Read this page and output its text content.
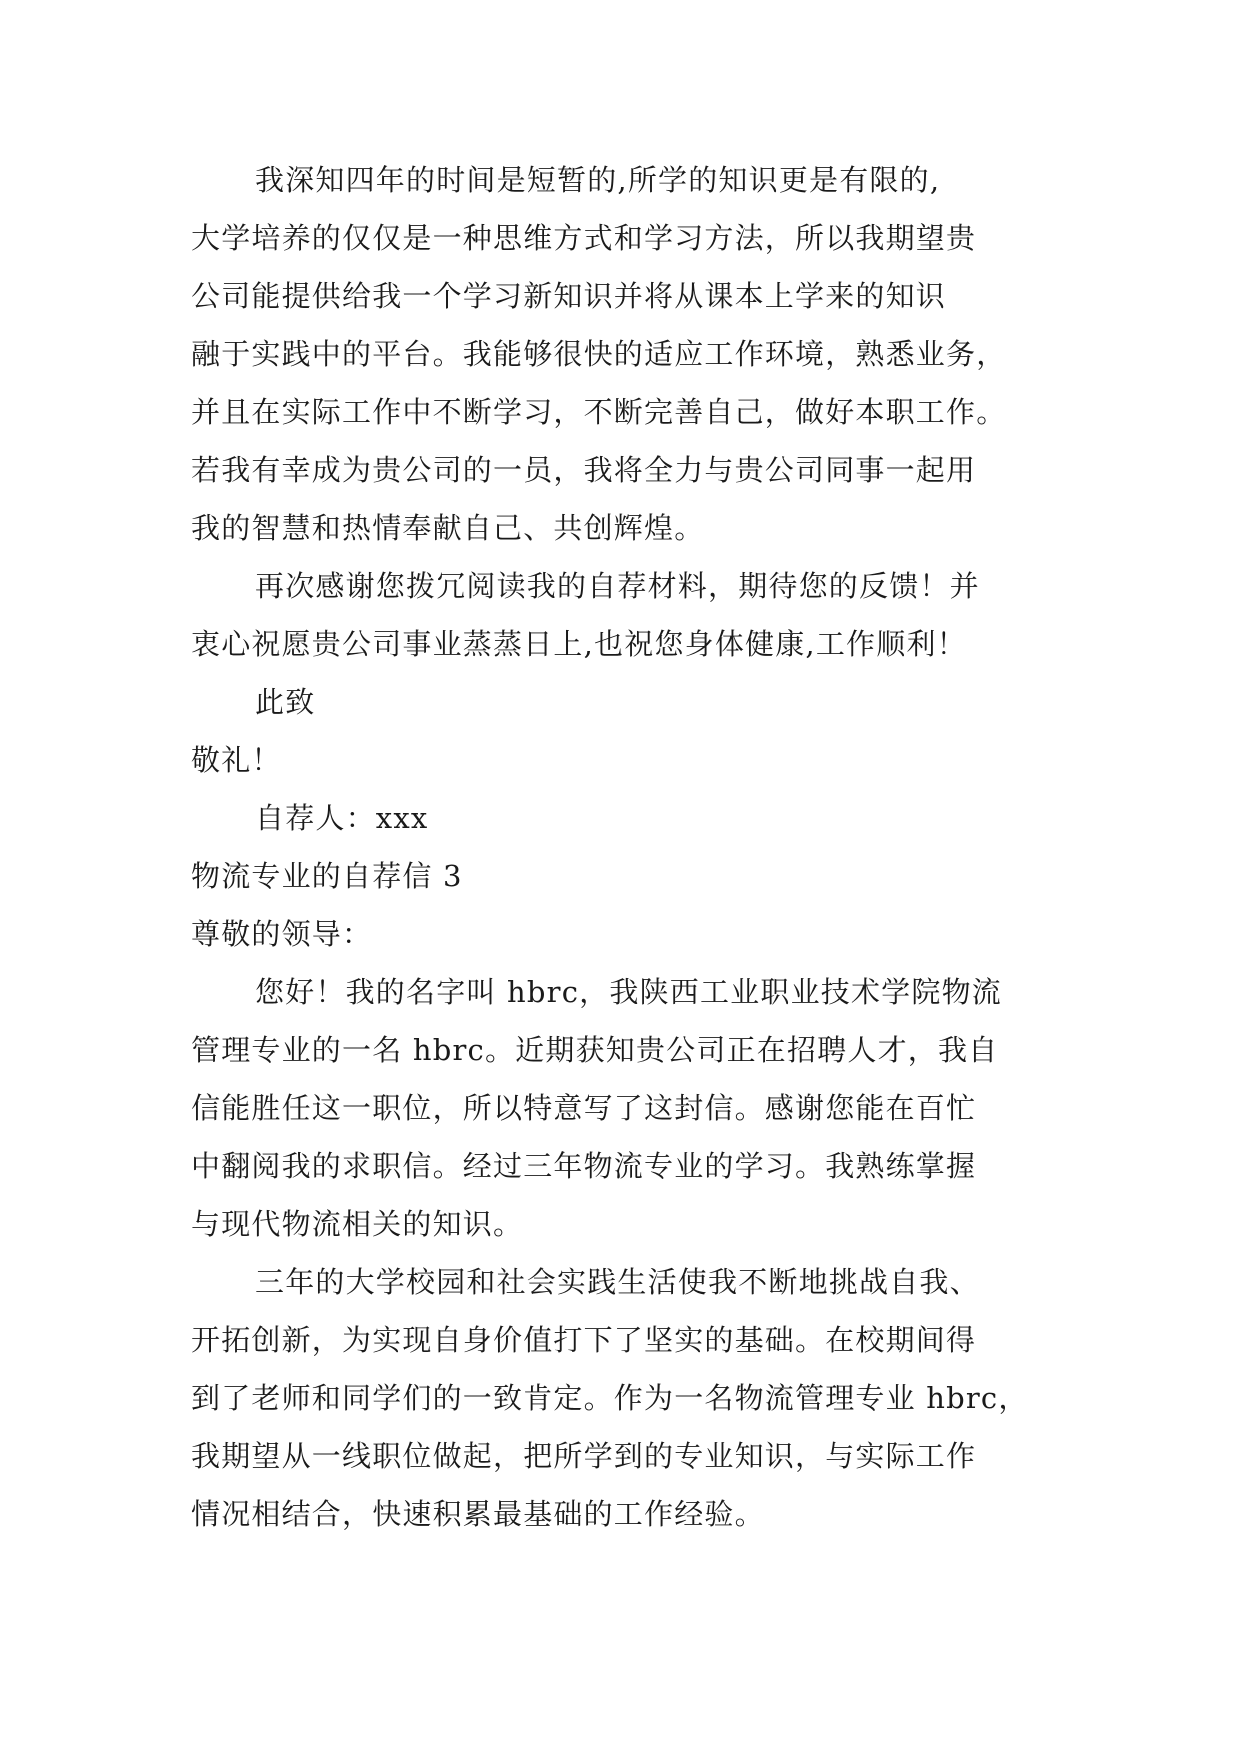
我深知四年的时间是短暂的,所学的知识更是有限的,
大学培养的仅仅是一种思维方式和学习方法，所以我期望贵
公司能提供给我一个学习新知识并将从课本上学来的知识
融于实践中的平台。我能够很快的适应工作环境，熟悉业务，
并且在实际工作中不断学习，不断完善自己，做好本职工作。
若我有幸成为贵公司的一员，我将全力与贵公司同事一起用
我的智慧和热情奉献自己、共创辉煌。
再次感谢您拨冗阅读我的自荐材料，期待您的反馈！并
衷心祝愿贵公司事业蒸蒸日上,也祝您身体健康,工作顺利！
此致
敬礼！
自荐人：xxx
物流专业的自荐信 3
尊敬的领导：
您好！我的名字叫 hbrc，我陕西工业职业技术学院物流
管理专业的一名 hbrc。近期获知贵公司正在招聘人才，我自
信能胜任这一职位，所以特意写了这封信。感谢您能在百忙
中翻阅我的求职信。经过三年物流专业的学习。我熟练掌握
与现代物流相关的知识。
三年的大学校园和社会实践生活使我不断地挑战自我、
开拓创新，为实现自身价值打下了坚实的基础。在校期间得
到了老师和同学们的一致肯定。作为一名物流管理专业 hbrc，
我期望从一线职位做起，把所学到的专业知识，与实际工作
情况相结合，快速积累最基础的工作经验。
